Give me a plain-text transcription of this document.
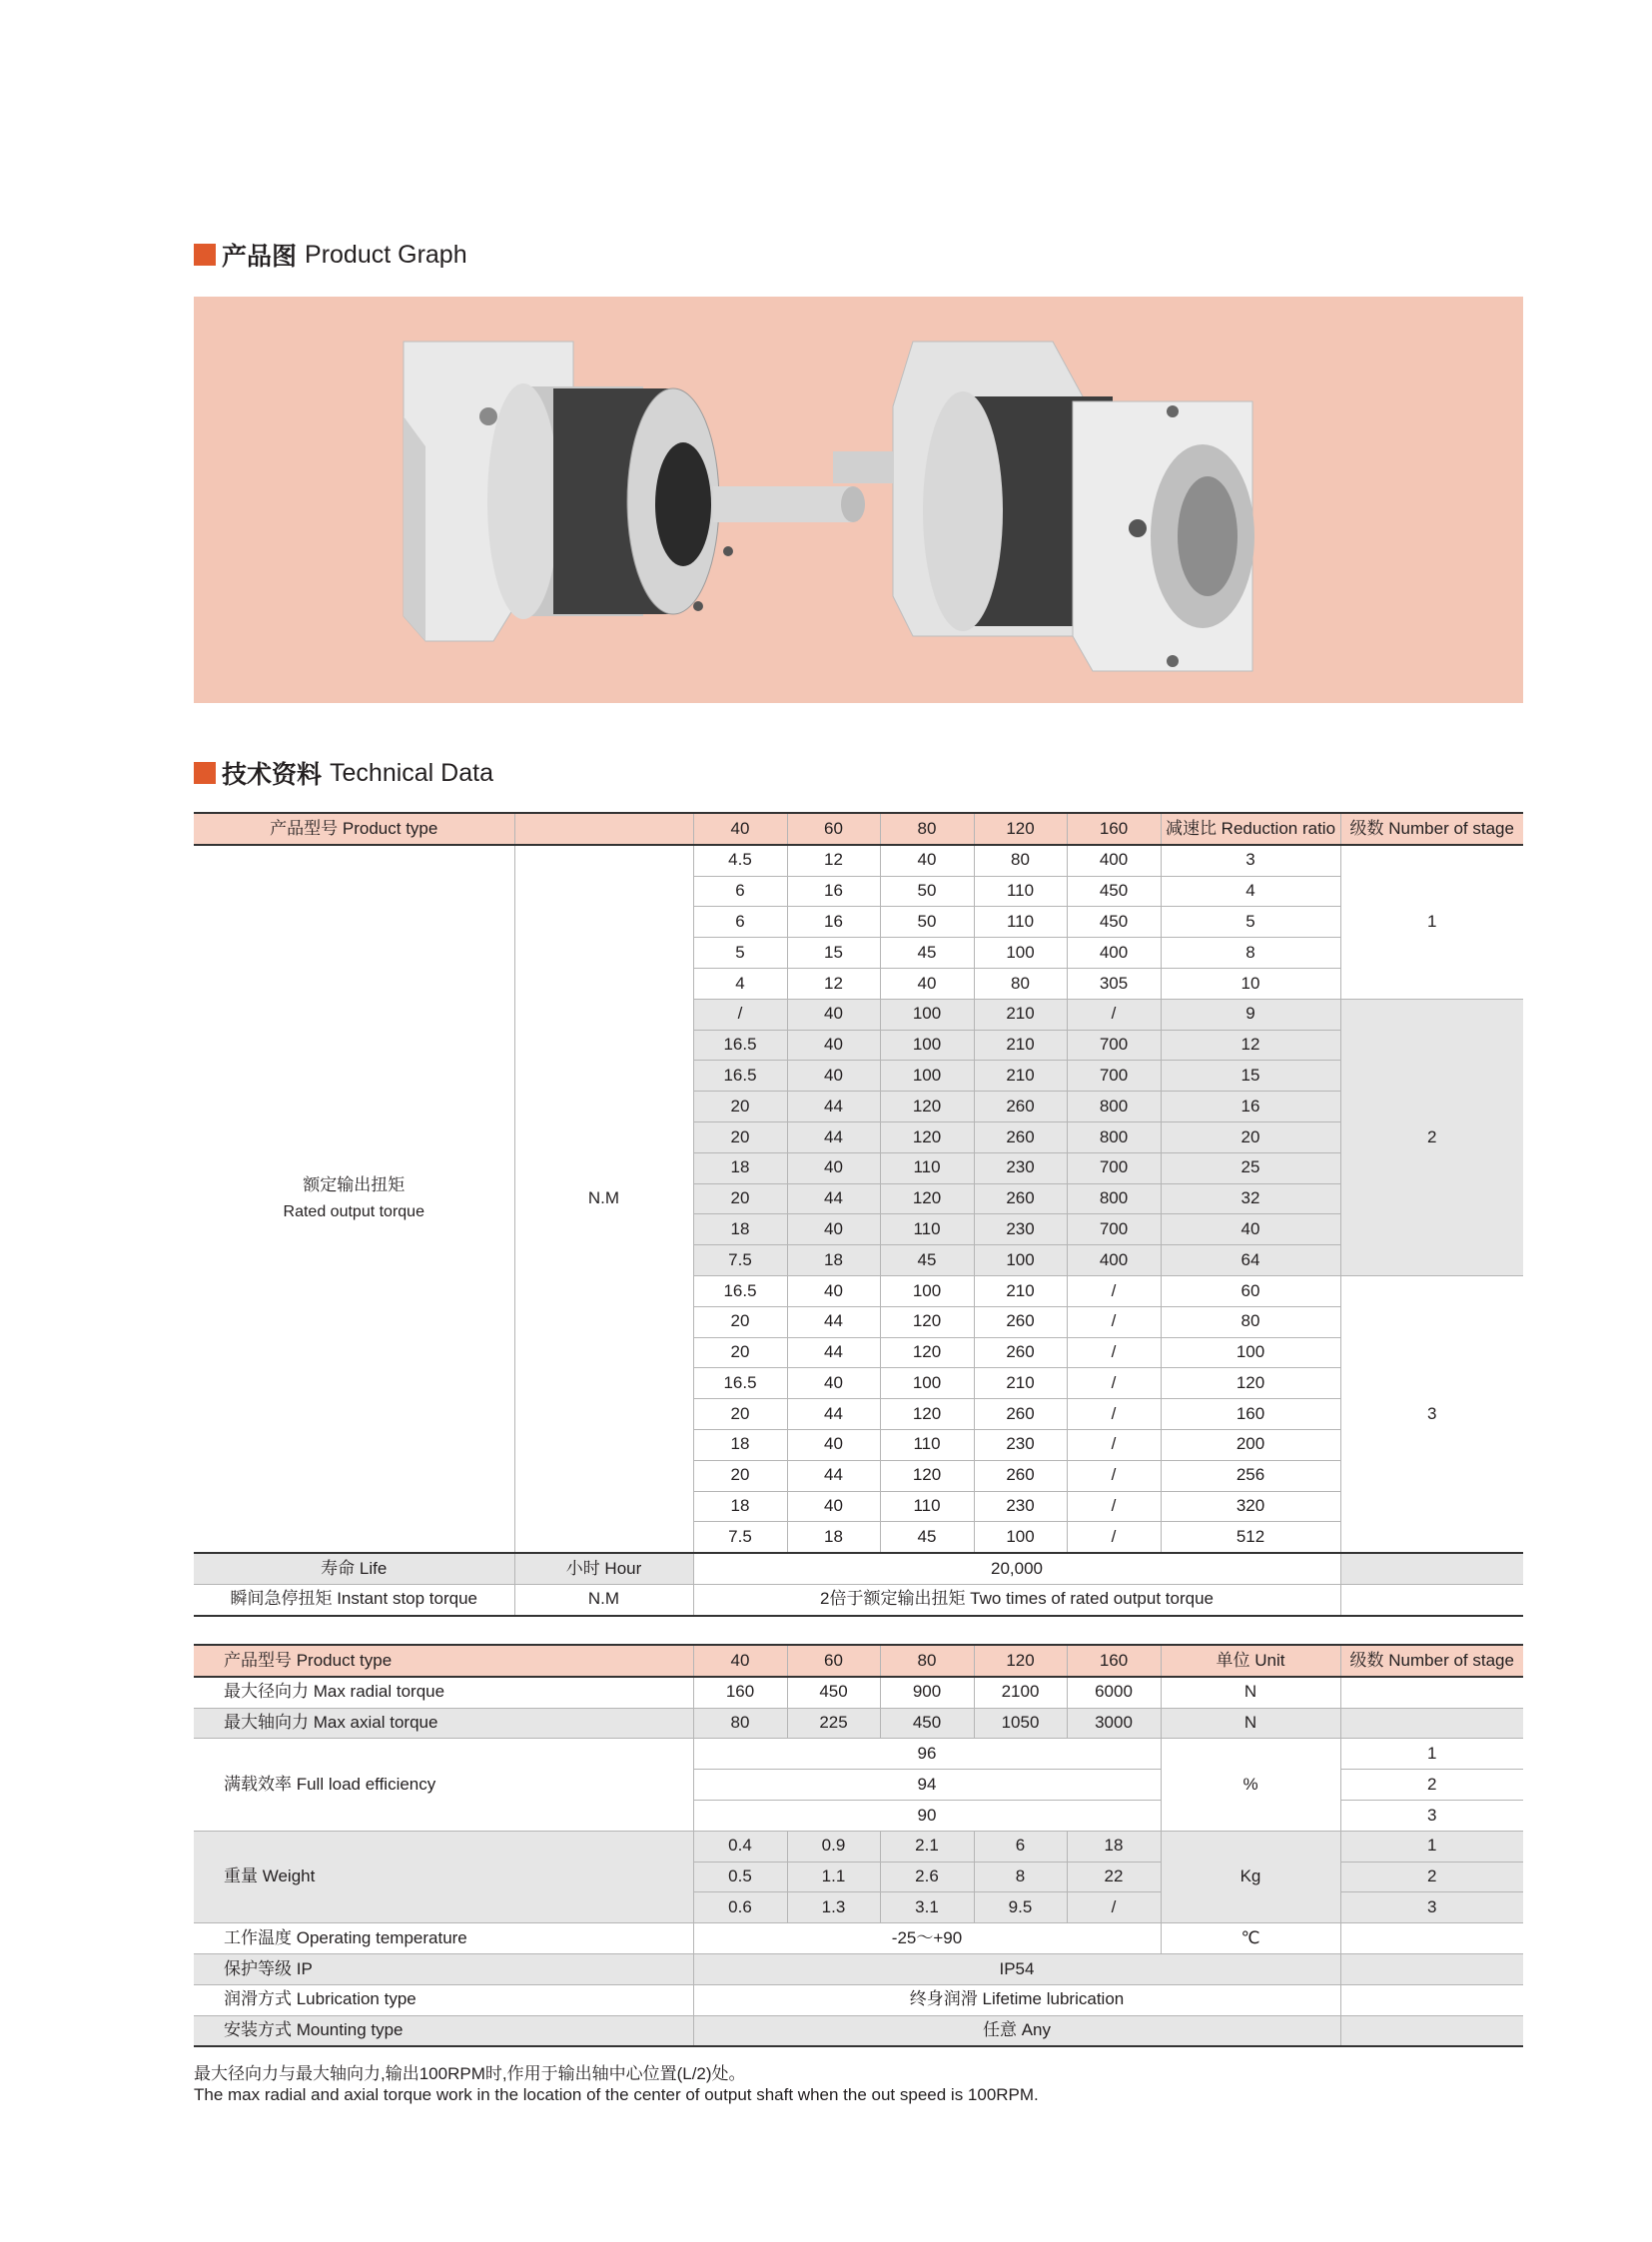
产品图 Product Graph
技术资料 Technical Data
产品型号 Product type		40	60	80	120	160	减速比 Reduction ratio	级数 Number of stage

额定输出扭矩
Rated output torque	N.M	4.5	12	40	80	400	3	1
		6	16	50	110	450	4	
		6	16	50	110	450	5	
		5	15	45	100	400	8	
		4	12	40	80	305	10	
		/	40	100	210	/	9	2
		16.5	40	100	210	700	12	
		16.5	40	100	210	700	15	
		20	44	120	260	800	16	
		20	44	120	260	800	20	
		18	40	110	230	700	25	
		20	44	120	260	800	32	
		18	40	110	230	700	40	
		7.5	18	45	100	400	64	
		16.5	40	100	210	/	60	3
		20	44	120	260	/	80	
		20	44	120	260	/	100	
		16.5	40	100	210	/	120	
		20	44	120	260	/	160	
		18	40	110	230	/	200	
		20	44	120	260	/	256	
		18	40	110	230	/	320	
		7.5	18	45	100	/	512	
寿命 Life	小时 Hour	20,000						
瞬间急停扭矩 Instant stop torque	N.M	2倍于额定输出扭矩 Two times of rated output torque						
产品型号 Product type	40	60	80	120	160	单位 Unit	级数 Number of stage
最大径向力 Max radial torque	160	450	900	2100	6000	N	
最大轴向力 Max axial torque	80	225	450	1050	3000	N	
满载效率 Full load efficiency	96					%	1
	94						2
	90						3
重量 Weight	0.4	0.9	2.1	6	18	Kg	1
	0.5	1.1	2.6	8	22		2
	0.6	1.3	3.1	9.5	/		3
工作温度 Operating temperature	-25～+90					℃	
保护等级 IP	IP54						
润滑方式 Lubrication type	终身润滑 Lifetime lubrication						
安装方式 Mounting type	任意 Any						
最大径向力与最大轴向力,输出100RPM时,作用于输出轴中心位置(L/2)处。
The max radial and axial torque work in the location of the center of output shaft when the out speed is 100RPM.
